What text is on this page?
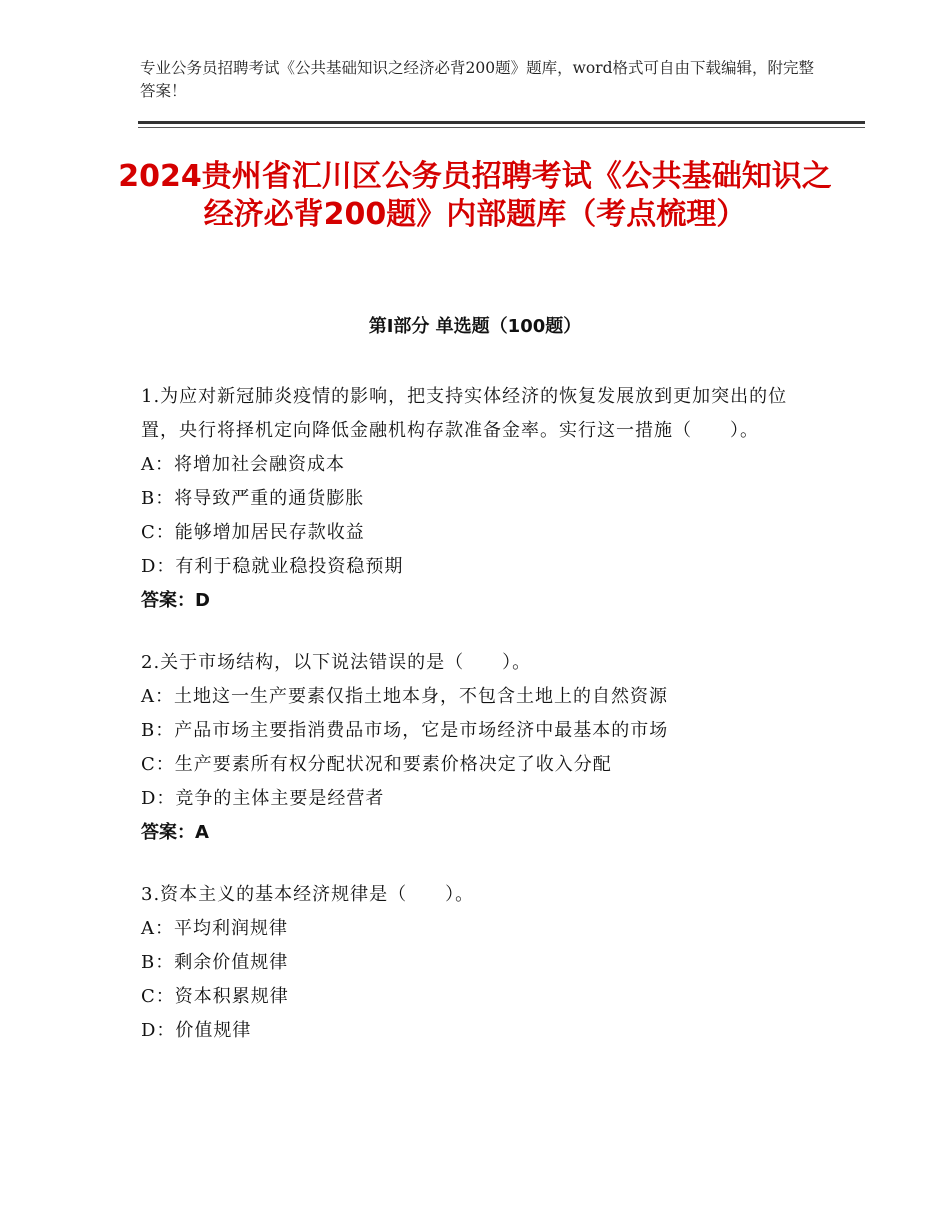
专业公务员招聘考试《公共基础知识之经济必背200题》题库，word格式可自由下载编辑，附完整答案！
2024贵州省汇川区公务员招聘考试《公共基础知识之经济必背200题》内部题库（考点梳理）
第Ⅰ部分 单选题（100题）
1.为应对新冠肺炎疫情的影响，把支持实体经济的恢复发展放到更加突出的位置，央行将择机定向降低金融机构存款准备金率。实行这一措施（　　）。
A：将增加社会融资成本
B：将导致严重的通货膨胀
C：能够增加居民存款收益
D：有利于稳就业稳投资稳预期
答案：D
2.关于市场结构，以下说法错误的是（　　）。
A：土地这一生产要素仅指土地本身，不包含土地上的自然资源
B：产品市场主要指消费品市场，它是市场经济中最基本的市场
C：生产要素所有权分配状况和要素价格决定了收入分配
D：竞争的主体主要是经营者
答案：A
3.资本主义的基本经济规律是（　　）。
A：平均利润规律
B：剩余价值规律
C：资本积累规律
D：价值规律
